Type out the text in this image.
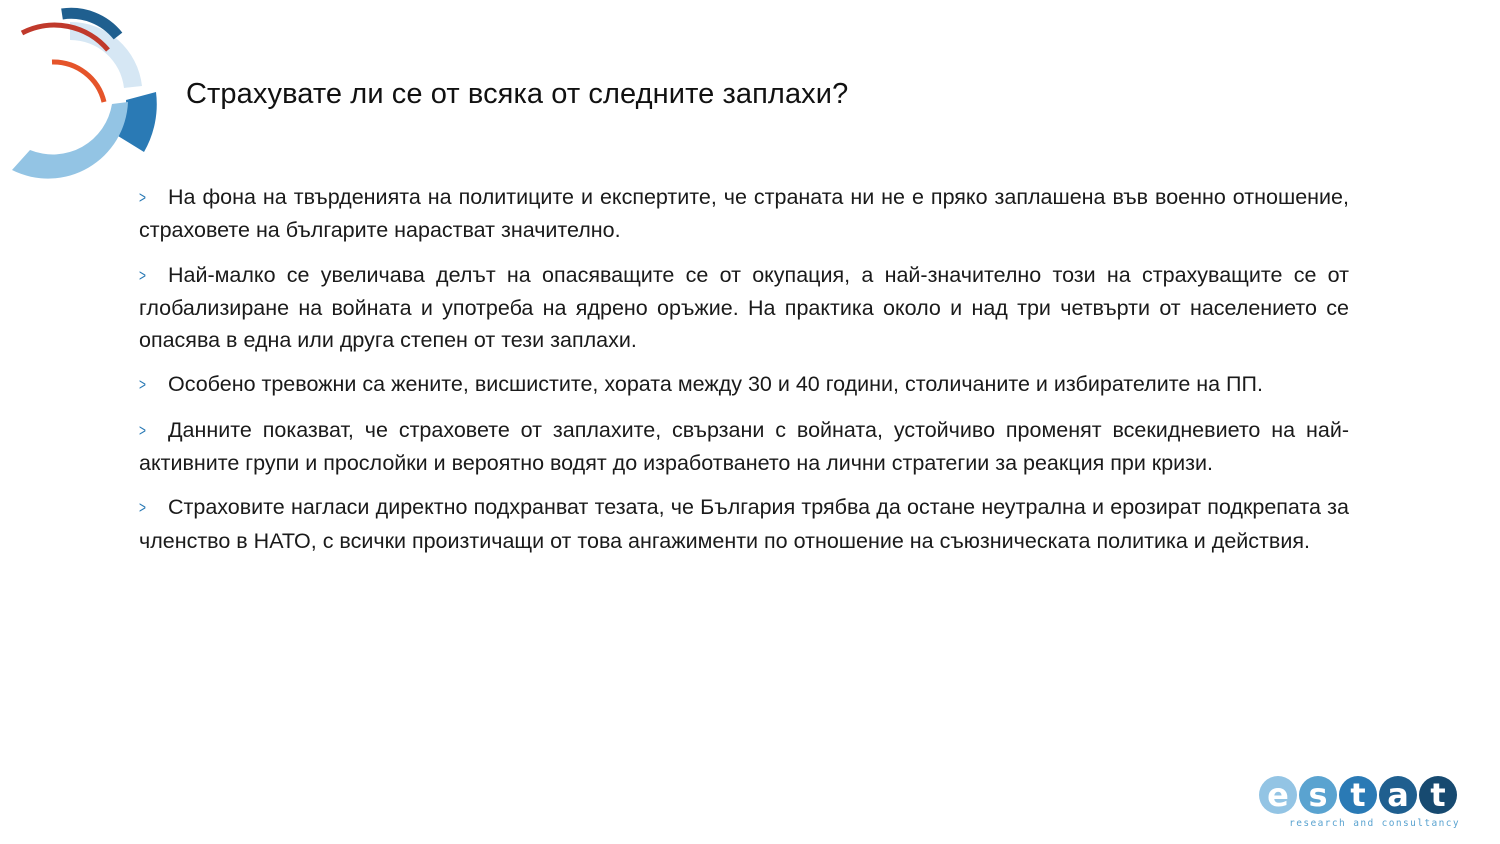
Страхувате ли се от всяка от следните заплахи?
> На фона на твърденията на политиците и експертите, че страната ни не е пряко заплашена във военно отношение, страховете на българите нарастват значително.
> Най-малко се увеличава делът на опасяващите се от окупация, а най-значително този на страхуващите се от глобализиране на войната и употреба на ядрено оръжие. На практика около и над три четвърти от населението се опасява в една или друга степен от тези заплахи.
> Особено тревожни са жените, висшистите, хората между 30 и 40 години, столичаните и избирателите на ПП.
> Данните показват, че страховете от заплахите, свързани с войната, устойчиво променят всекидневието на най-активните групи и прослойки и вероятно водят до изработването на лични стратегии за реакция при кризи.
> Страховите нагласи директно подхранват тезата, че България трябва да остане неутрална и ерозират подкрепата за членство в НАТО, с всички произтичащи от това ангажименти по отношение на съюзническата политика и действия.
e s t a t
research and consultancy
